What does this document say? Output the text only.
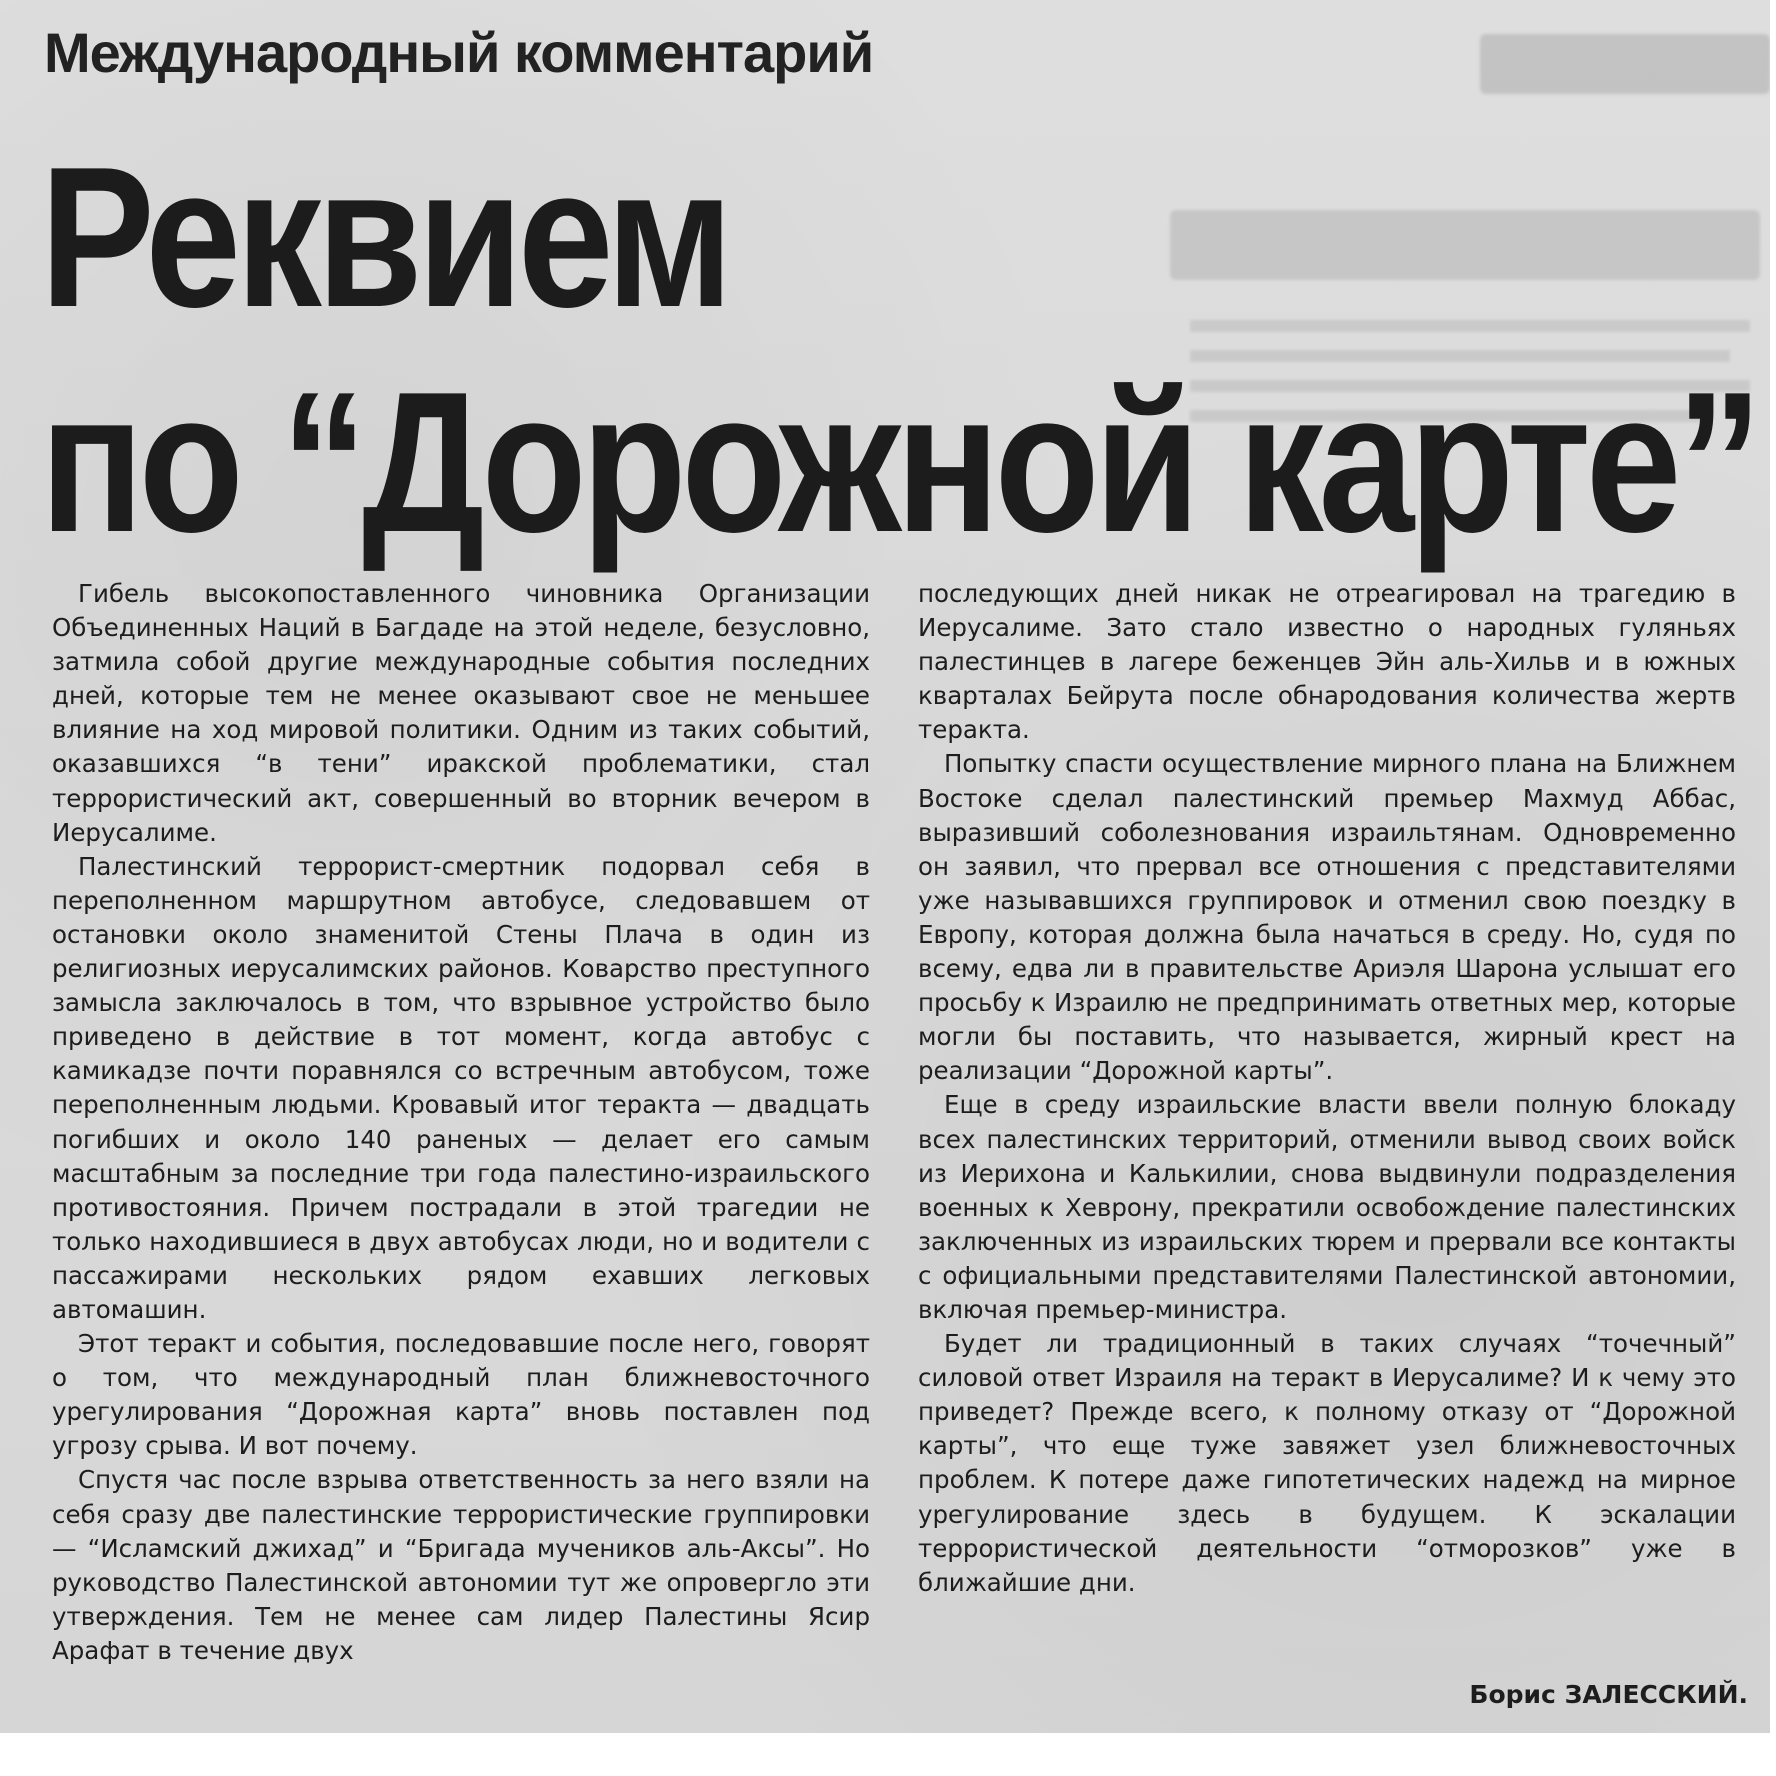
Международный комментарий
Реквием
по “Дорожной карте”

Гибель высокопоставленного чиновника Организации Объединенных Наций в Багдаде на этой неделе, безусловно, затмила собой другие международные события последних дней, которые тем не менее оказывают свое не меньшее влияние на ход мировой политики. Одним из таких событий, оказавшихся “в тени” иракской проблематики, стал террористический акт, совершенный во вторник вечером в Иерусалиме.

Палестинский террорист-смертник подорвал себя в переполненном маршрутном автобусе, следовавшем от остановки около знаменитой Стены Плача в один из религиозных иерусалимских районов. Коварство преступного замысла заключалось в том, что взрывное устройство было приведено в действие в тот момент, когда автобус с камикадзе почти поравнялся со встречным автобусом, тоже переполненным людьми. Кровавый итог теракта — двадцать погибших и около 140 раненых — делает его самым масштабным за последние три года палестино-израильского противостояния. Причем пострадали в этой трагедии не только находившиеся в двух автобусах люди, но и водители с пассажирами нескольких рядом ехавших легковых автомашин.

Этот теракт и события, последовавшие после него, говорят о том, что международный план ближневосточного урегулирования “Дорожная карта” вновь поставлен под угрозу срыва. И вот почему.

Спустя час после взрыва ответственность за него взяли на себя сразу две палестинские террористические группировки — “Исламский джихад” и “Бригада мучеников аль-Аксы”. Но руководство Палестинской автономии тут же опровергло эти утверждения. Тем не менее сам лидер Палестины Ясир Арафат в течение двух

последующих дней никак не отреагировал на трагедию в Иерусалиме. Зато стало известно о народных гуляньях палестинцев в лагере беженцев Эйн аль-Хильв и в южных кварталах Бейрута после обнародования количества жертв теракта.

Попытку спасти осуществление мирного плана на Ближнем Востоке сделал палестинский премьер Махмуд Аббас, выразивший соболезнования израильтянам. Одновременно он заявил, что прервал все отношения с представителями уже называвшихся группировок и отменил свою поездку в Европу, которая должна была начаться в среду. Но, судя по всему, едва ли в правительстве Ариэля Шарона услышат его просьбу к Израилю не предпринимать ответных мер, которые могли бы поставить, что называется, жирный крест на реализации “Дорожной карты”.

Еще в среду израильские власти ввели полную блокаду всех палестинских территорий, отменили вывод своих войск из Иерихона и Калькилии, снова выдвинули подразделения военных к Хеврону, прекратили освобождение палестинских заключенных из израильских тюрем и прервали все контакты с официальными представителями Палестинской автономии, включая премьер-министра.

Будет ли традиционный в таких случаях “точечный” силовой ответ Израиля на теракт в Иерусалиме? И к чему это приведет? Прежде всего, к полному отказу от “Дорожной карты”, что еще туже завяжет узел ближневосточных проблем. К потере даже гипотетических надежд на мирное урегулирование здесь в будущем. К эскалации террористической деятельности “отморозков” уже в ближайшие дни.

Борис ЗАЛЕССКИЙ.
